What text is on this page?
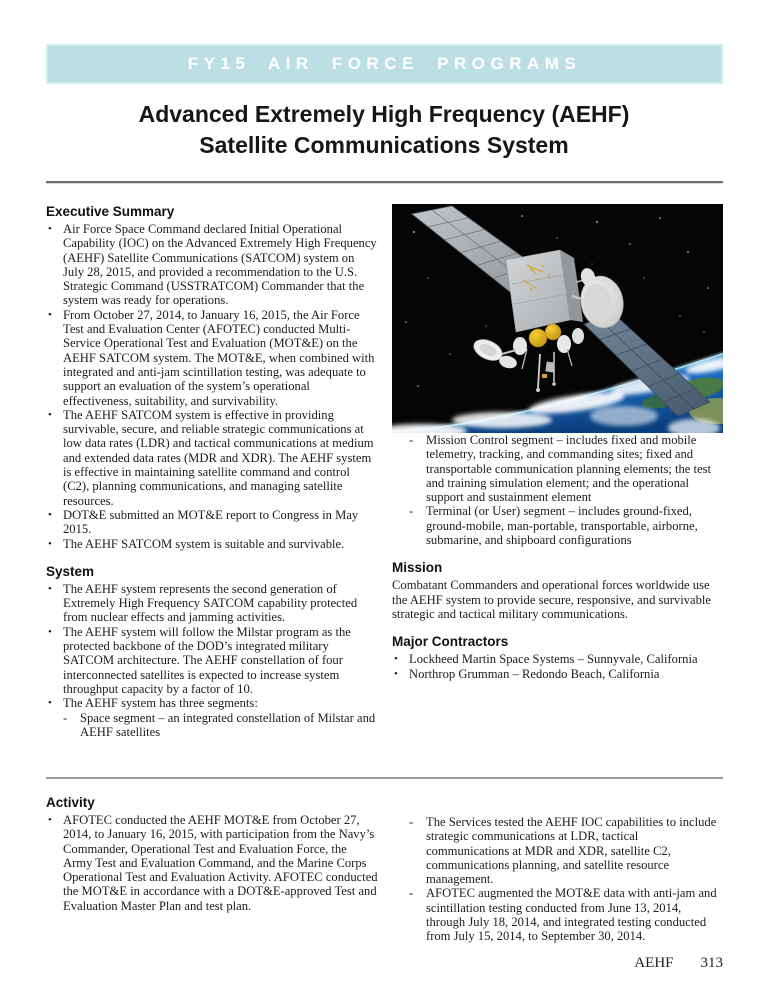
FY15 AIR FORCE PROGRAMS
Advanced Extremely High Frequency (AEHF)
Satellite Communications System
Executive Summary
• Air Force Space Command declared Initial Operational Capability (IOC) on the Advanced Extremely High Frequency (AEHF) Satellite Communications (SATCOM) system on July 28, 2015, and provided a recommendation to the U.S. Strategic Command (USSTRATCOM) Commander that the system was ready for operations.
• From October 27, 2014, to January 16, 2015, the Air Force Test and Evaluation Center (AFOTEC) conducted Multi-Service Operational Test and Evaluation (MOT&E) on the AEHF SATCOM system. The MOT&E, when combined with integrated and anti-jam scintillation testing, was adequate to support an evaluation of the system’s operational effectiveness, suitability, and survivability.
• The AEHF SATCOM system is effective in providing survivable, secure, and reliable strategic communications at low data rates (LDR) and tactical communications at medium and extended data rates (MDR and XDR). The AEHF system is effective in maintaining satellite command and control (C2), planning communications, and managing satellite resources.
• DOT&E submitted an MOT&E report to Congress in May 2015.
• The AEHF SATCOM system is suitable and survivable.
System
• The AEHF system represents the second generation of Extremely High Frequency SATCOM capability protected from nuclear effects and jamming activities.
• The AEHF system will follow the Milstar program as the protected backbone of the DOD’s integrated military SATCOM architecture. The AEHF constellation of four interconnected satellites is expected to increase system throughput capacity by a factor of 10.
• The AEHF system has three segments:
-	Space segment – an integrated constellation of Milstar and AEHF satellites
-	Mission Control segment – includes fixed and mobile telemetry, tracking, and commanding sites; fixed and transportable communication planning elements; the test and training simulation element; and the operational support and sustainment element
-	Terminal (or User) segment – includes ground-fixed, ground-mobile, man-portable, transportable, airborne, submarine, and shipboard configurations
Mission

Combatant Commanders and operational forces worldwide use the AEHF system to provide secure, responsive, and survivable strategic and tactical military communications.

Major Contractors
• Lockheed Martin Space Systems – Sunnyvale, California
• Northrop Grumman – Redondo Beach, California
Activity
• AFOTEC conducted the AEHF MOT&E from October 27, 2014, to January 16, 2015, with participation from the Navy’s Commander, Operational Test and Evaluation Force, the Army Test and Evaluation Command, and the Marine Corps Operational Test and Evaluation Activity. AFOTEC conducted the MOT&E in accordance with a DOT&E-approved Test and Evaluation Master Plan and test plan.
-	The Services tested the AEHF IOC capabilities to include strategic communications at LDR, tactical communications at MDR and XDR, satellite C2, communications planning, and satellite resource management.
-	AFOTEC augmented the MOT&E data with anti-jam and scintillation testing conducted from June 13, 2014, through July 18, 2014, and integrated testing conducted from July 15, 2014, to September 30, 2014.
AEHF 313
